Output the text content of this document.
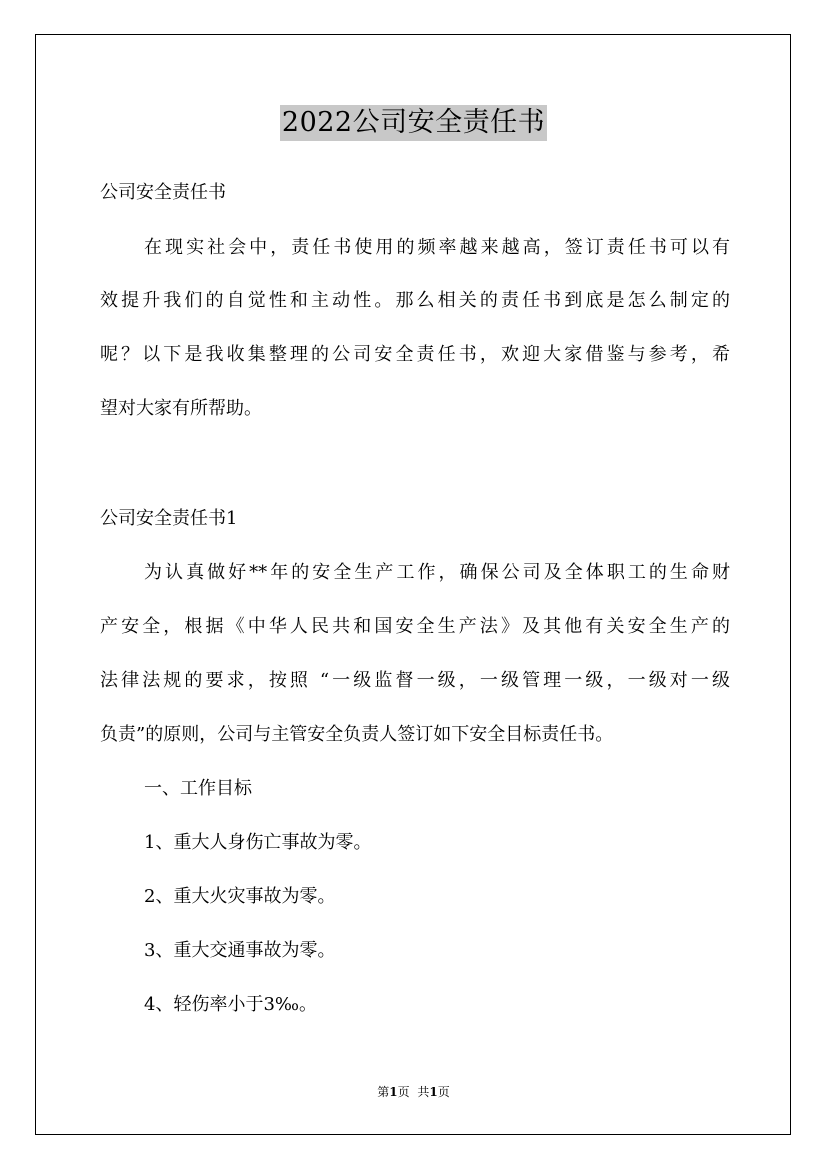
2022公司安全责任书
公司安全责任书
在现实社会中，责任书使用的频率越来越高，签订责任书可以有
效提升我们的自觉性和主动性。那么相关的责任书到底是怎么制定的
呢？以下是我收集整理的公司安全责任书，欢迎大家借鉴与参考，希
望对大家有所帮助。
公司安全责任书1
为认真做好**年的安全生产工作，确保公司及全体职工的生命财
产安全，根据《中华人民共和国安全生产法》及其他有关安全生产的
法律法规的要求，按照 “一级监督一级，一级管理一级，一级对一级
负责”的原则，公司与主管安全负责人签订如下安全目标责任书。
一、工作目标
1、重大人身伤亡事故为零。
2、重大火灾事故为零。
3、重大交通事故为零。
4、轻伤率小于3‰。
第1页 共1页
